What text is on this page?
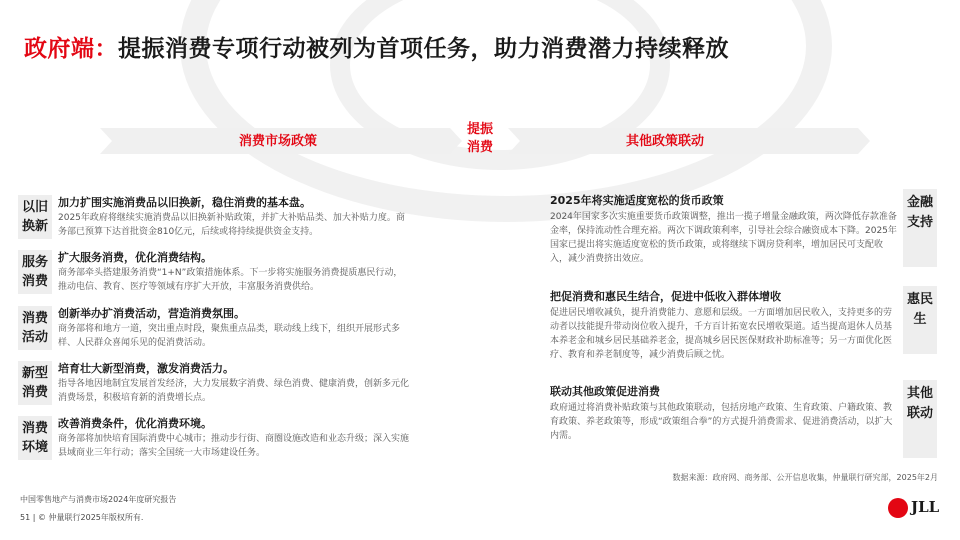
政府端：提振消费专项行动被列为首项任务，助力消费潜力持续释放
消费市场政策
提振消费	其他政策联动
以旧换新
加力扩围实施消费品以旧换新，稳住消费的基本盘。
2025年政府将继续实施消费品以旧换新补贴政策，并扩大补贴品类、加大补贴力度。商务部已预算下达首批资金810亿元，后续或将持续提供资金支持。
服务消费
扩大服务消费，优化消费结构。
商务部牵头搭建服务消费“1+N”政策措施体系。下一步将实施服务消费提质惠民行动，推动电信、教育、医疗等领域有序扩大开放，丰富服务消费供给。
消费活动
创新举办扩消费活动，营造消费氛围。
商务部将和地方一道，突出重点时段，聚焦重点品类，联动线上线下，组织开展形式多样、人民群众喜闻乐见的促消费活动。
新型消费
培育壮大新型消费，激发消费活力。
指导各地因地制宜发展首发经济，大力发展数字消费、绿色消费、健康消费，创新多元化消费场景，积极培育新的消费增长点。
消费环境
改善消费条件，优化消费环境。
商务部将加快培育国际消费中心城市；推动步行街、商圈设施改造和业态升级；深入实施县域商业三年行动；落实全国统一大市场建设任务。
2025年将实施适度宽松的货币政策
2024年国家多次实施重要货币政策调整，推出一揽子增量金融政策，两次降低存款准备金率，保持流动性合理充裕。两次下调政策利率，引导社会综合融资成本下降。2025年国家已提出将实施适度宽松的货币政策，或将继续下调房贷利率，增加居民可支配收入，减少消费挤出效应。
金融支持
把促消费和惠民生结合，促进中低收入群体增收
促进居民增收减负，提升消费能力、意愿和层级。一方面增加居民收入，支持更多的劳动者以技能提升带动岗位收入提升，千方百计拓宽农民增收渠道。适当提高退休人员基本养老金和城乡居民基础养老金，提高城乡居民医保财政补助标准等；另一方面优化医疗、教育和养老制度等，减少消费后顾之忧。
惠民生
联动其他政策促进消费
政府通过将消费补贴政策与其他政策联动，包括房地产政策、生育政策、户籍政策、教育政策、养老政策等，形成“政策组合拳”的方式提升消费需求、促进消费活动，以扩大内需。
其他联动
数据来源：政府网、商务部、公开信息收集，仲量联行研究部，2025年2月
中国零售地产与消费市场2024年度研究报告
51 | © 仲量联行2025年版权所有.
JLL
